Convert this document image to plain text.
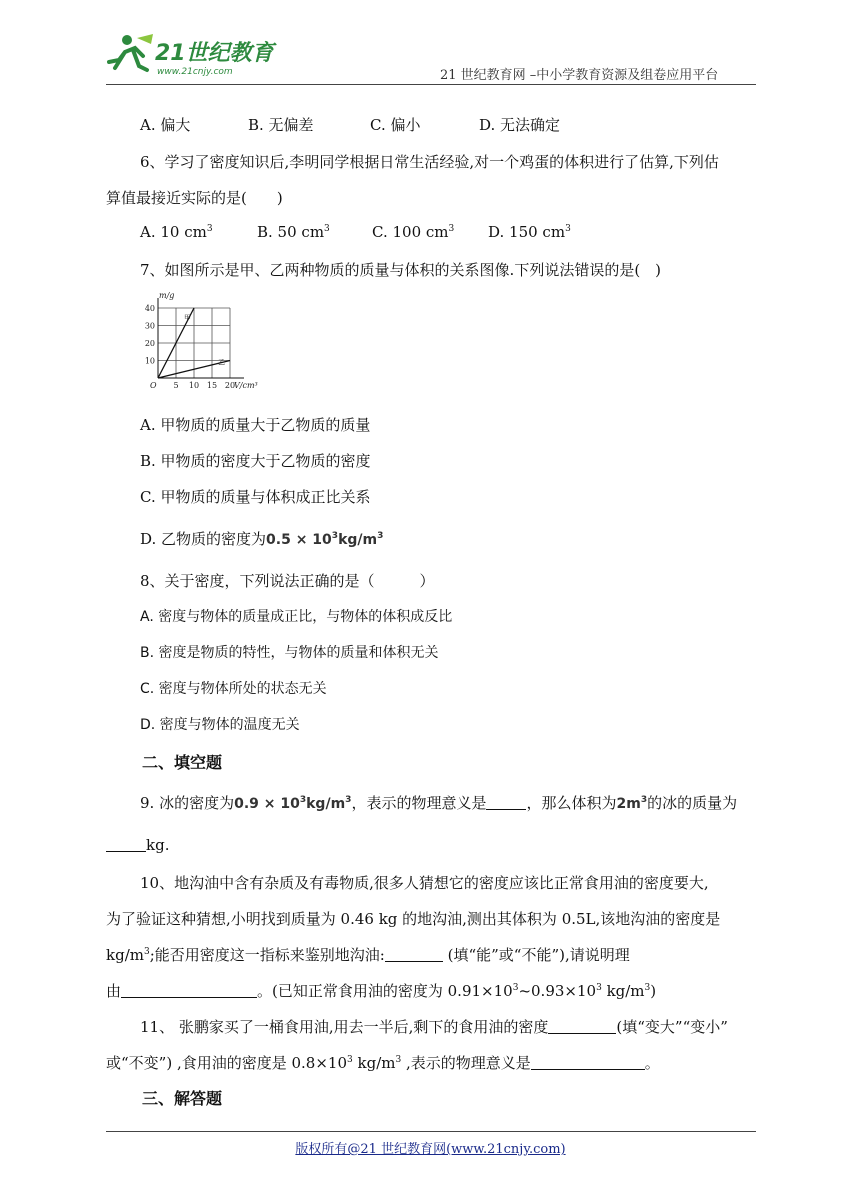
21世纪教育
www.21cnjy.com	21 世纪教育网 –中小学教育资源及组卷应用平台
A. 偏大	B. 无偏差	C. 偏小	D. 无法确定
6、学习了密度知识后,李明同学根据日常生活经验,对一个鸡蛋的体积进行了估算,下列估
算值最接近实际的是(　　)
A. 10 $cm^3$	B. 50 $cm^3$	C. 100 $cm^3$ D. 150 $cm^3$
7、如图所示是甲、乙两种物质的质量与体积的关系图像.下列说法错误的是(　)
m/g
V/cm³
O 5 10 15 20
10
20
30
40
甲
乙
A. 甲物质的质量大于乙物质的质量
B. 甲物质的密度大于乙物质的密度
C. 甲物质的质量与体积成正比关系
D. 乙物质的密度为$0.5 \times 10^3kg/m^3$
8、关于密度，下列说法正确的是（　　　）
A. 密度与物体的质量成正比，与物体的体积成反比
B. 密度是物质的特性，与物体的质量和体积无关
C. 密度与物体所处的状态无关
D. 密度与物体的温度无关
二、填空题
9. 冰的密度为$0.9 \times 10^3kg/m^3$，表示的物理意义是	，那么体积为$2m^3$的冰的质量为
kg.
10、地沟油中含有杂质及有毒物质,很多人猜想它的密度应该比正常食用油的密度要大,
为了验证这种猜想,小明找到质量为 0.46 kg 的地沟油,测出其体积为 0.5L,该地沟油的密度是
$kg/m^3$;能否用密度这一指标来鉴别地沟油:	(填“能”或“不能”),请说明理
由	。(已知正常食用油的密度为 $0.91\times 10^3\sim 0.93\times 10^3$ $kg/m^3$)
11、 张鹏家买了一桶食用油,用去一半后,剩下的食用油的密度	(填“变大”“变小”
或“不变”) ,食用油的密度是 $0.8\times 10^3$ $kg/m^3$ ,表示的物理意义是	。
三、解答题
版权所有@21 世纪教育网(www.21cnjy.com)
